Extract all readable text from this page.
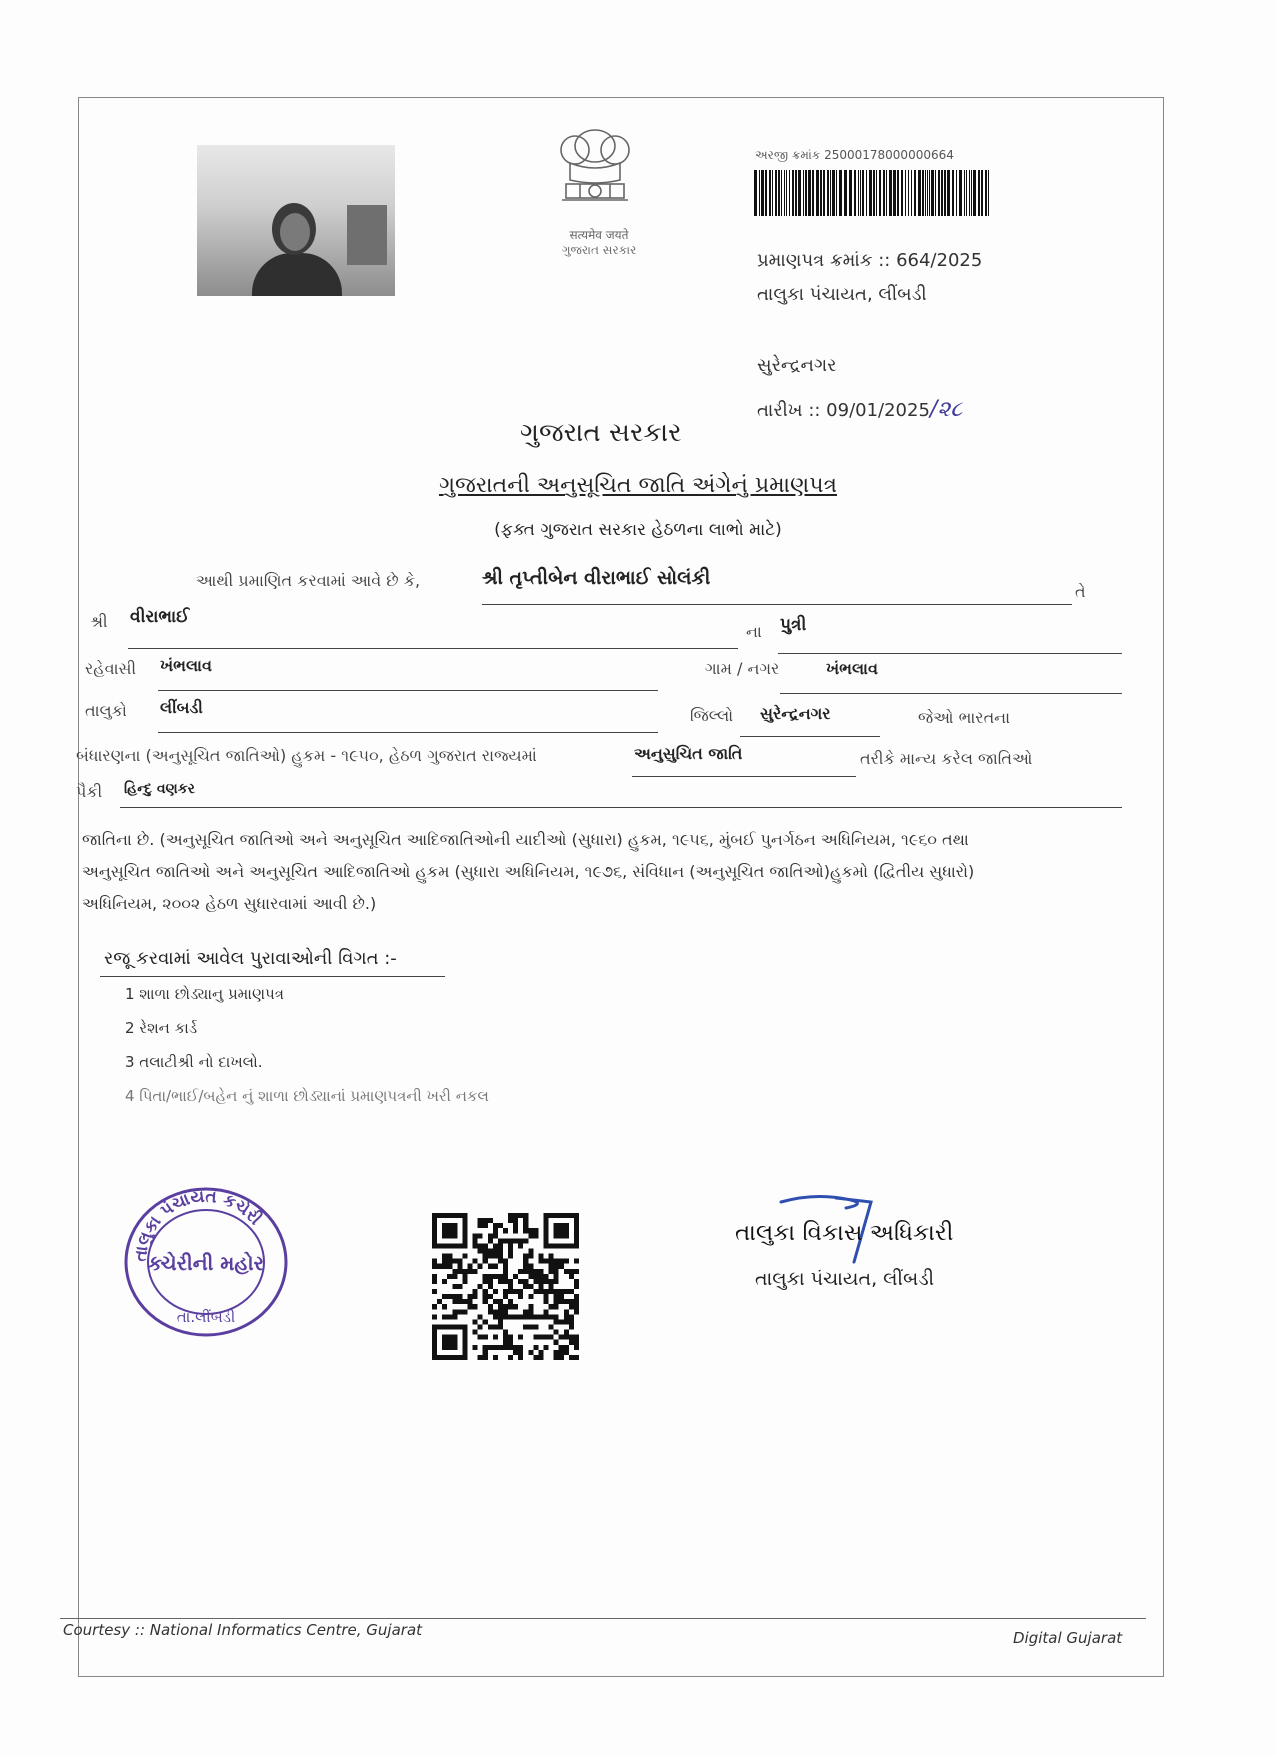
सत्यमेव जयते
ગુજરાત સરકાર
અરજી ક્રમાંક 25000178000000664
પ્રમાણપત્ર ક્રમાંક :: 664/2025
તાલુકા પંચાયત, લીંબડી
સુરેન્દ્રનગર
તારીખ :: 09/01/2025/૨૮
ગુજરાત સરકાર
ગુજરાતની અનુસૂચિત જાતિ અંગેનું પ્રમાણપત્ર
(ફક્ત ગુજરાત સરકાર હેઠળના લાભો માટે)
આથી પ્રમાણિત કરવામાં આવે છે કે,	શ્રી તૃપ્તીબેન વીરાભાઈ સોલંકી
તે
શ્રી વીરાભાઈ
ના પુત્રી
રહેવાસી ખંભલાવ	ગામ / નગર	ખંભલાવ
તાલુકો લીંબડી	જિલ્લો સુરેન્દ્રનગર	જેઓ ભારતના
બંધારણના (અનુસૂચિત જાતિઓ) હુકમ - ૧૯૫૦, હેઠળ ગુજરાત રાજ્યમાં	અનુસુચિત જાતિ	તરીકે માન્ય કરેલ જાતિઓ
પૈકી હિન્દુ વણકર
જાતિના છે. (અનુસૂચિત જાતિઓ અને અનુસૂચિત આદિજાતિઓની યાદીઓ (સુધારા) હુકમ, ૧૯૫૬, મુંબઈ પુનર્ગઠન અધિનિયમ, ૧૯૬૦ તથા
અનુસૂચિત જાતિઓ અને અનુસૂચિત આદિજાતિઓ હુકમ (સુધારા અધિનિયમ, ૧૯૭૬, સંવિધાન (અનુસૂચિત જાતિઓ)હુકમો (દ્વિતીય સુધારો)
અધિનિયમ, ૨૦૦૨ હેઠળ સુધારવામાં આવી છે.)
રજૂ કરવામાં આવેલ પુરાવાઓની વિગત :-
1 શાળા છોડ્યાનુ પ્રમાણપત્ર
2 રેશન કાર્ડ
3 તલાટીશ્રી નો દાખલો.
4 પિતા/ભાઈ/બહેન નું શાળા છોડ્યાનાં પ્રમાણપત્રની ખરી નકલ
તાલુકા પંચાયત કચેરી
ક્ચેરીની મહોર
તા.લીંબડી
તાલુકા વિકાસ અધિકારી
તાલુકા પંચાયત, લીંબડી
Courtesy :: National Informatics Centre, Gujarat	Digital Gujarat
